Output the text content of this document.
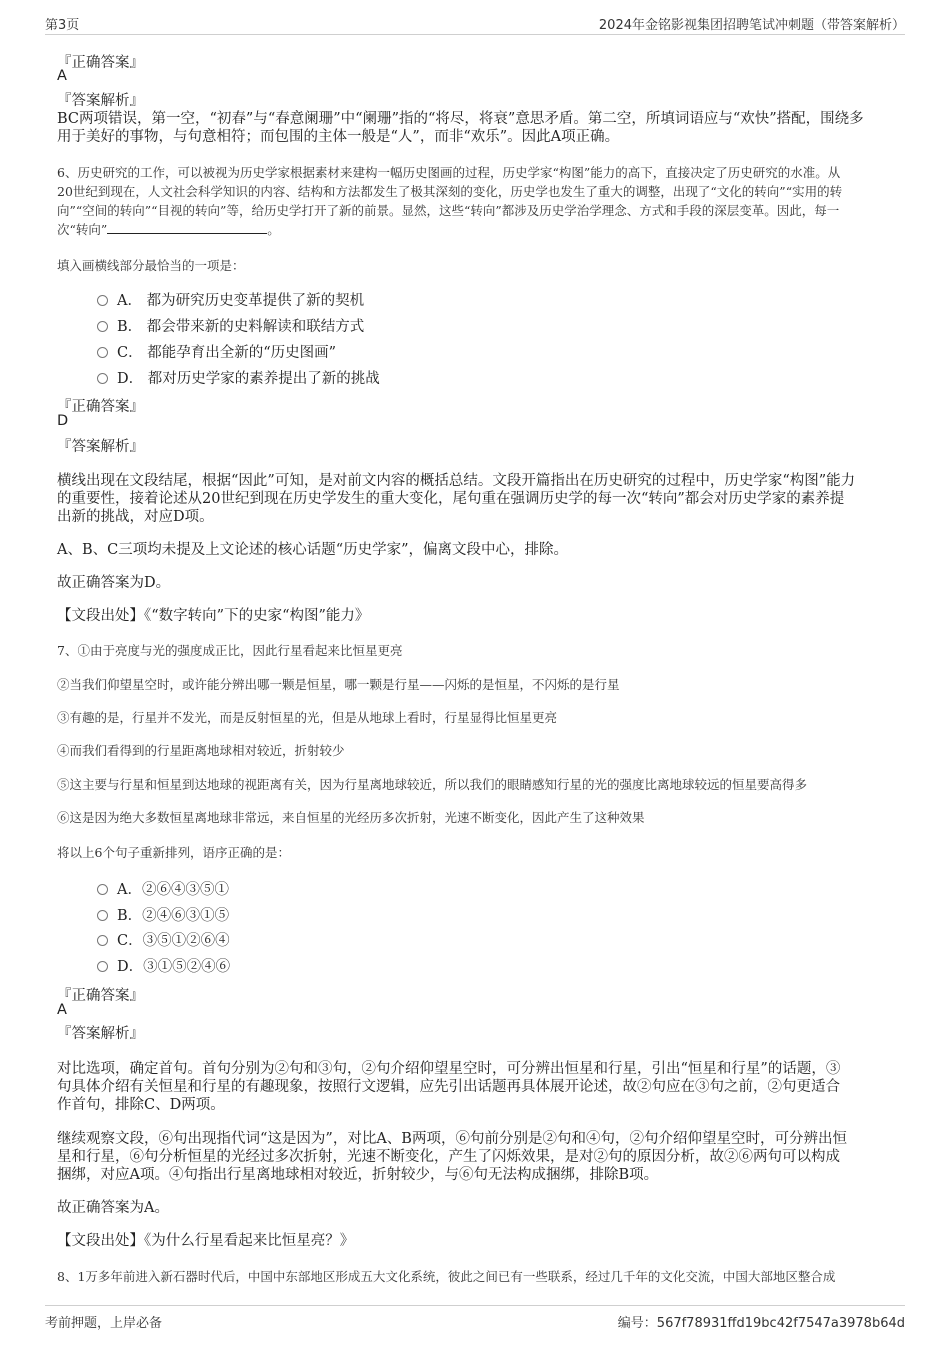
第3页	2024年金铭影视集团招聘笔试冲刺题（带答案解析）
『正确答案』
A
『答案解析』
BC两项错误，第一空，“初春”与“春意阑珊”中“阑珊”指的“将尽，将衰”意思矛盾。第二空，所填词语应与“欢快”搭配，围绕多
用于美好的事物，与句意相符；而包围的主体一般是“人”，而非“欢乐”。因此A项正确。
6、历史研究的工作，可以被视为历史学家根据素材来建构一幅历史图画的过程，历史学家“构图”能力的高下，直接决定了历史研究的水准。从
20世纪到现在，人文社会科学知识的内容、结构和方法都发生了极其深刻的变化，历史学也发生了重大的调整，出现了“文化的转向”“实用的转
向”“空间的转向”“目视的转向”等，给历史学打开了新的前景。显然，这些“转向”都涉及历史学治学理念、方式和手段的深层变革。因此，每一
次“转向”	。
填入画横线部分最恰当的一项是：
A． 都为研究历史变革提供了新的契机
B． 都会带来新的史料解读和联结方式
C． 都能孕育出全新的“历史图画”
D． 都对历史学家的素养提出了新的挑战
『正确答案』
D
『答案解析』
横线出现在文段结尾，根据“因此”可知，是对前文内容的概括总结。文段开篇指出在历史研究的过程中，历史学家“构图”能力
的重要性，接着论述从20世纪到现在历史学发生的重大变化，尾句重在强调历史学的每一次“转向”都会对历史学家的素养提
出新的挑战，对应D项。
A、B、C三项均未提及上文论述的核心话题“历史学家”，偏离文段中心，排除。
故正确答案为D。
【文段出处】《“数字转向”下的史家“构图”能力》
7、①由于亮度与光的强度成正比，因此行星看起来比恒星更亮
②当我们仰望星空时，或许能分辨出哪一颗是恒星，哪一颗是行星——闪烁的是恒星，不闪烁的是行星
③有趣的是，行星并不发光，而是反射恒星的光，但是从地球上看时，行星显得比恒星更亮
④而我们看得到的行星距离地球相对较近，折射较少
⑤这主要与行星和恒星到达地球的视距离有关，因为行星离地球较近，所以我们的眼睛感知行星的光的强度比离地球较远的恒星要高得多
⑥这是因为绝大多数恒星离地球非常远，来自恒星的光经历多次折射，光速不断变化，因此产生了这种效果
将以上6个句子重新排列，语序正确的是：
A．②⑥④③⑤①
B．②④⑥③①⑤
C．③⑤①②⑥④
D．③①⑤②④⑥
『正确答案』
A
『答案解析』
对比选项，确定首句。首句分别为②句和③句，②句介绍仰望星空时，可分辨出恒星和行星，引出“恒星和行星”的话题，③
句具体介绍有关恒星和行星的有趣现象，按照行文逻辑，应先引出话题再具体展开论述，故②句应在③句之前，②句更适合
作首句，排除C、D两项。
继续观察文段，⑥句出现指代词“这是因为”，对比A、B两项，⑥句前分别是②句和④句，②句介绍仰望星空时，可分辨出恒
星和行星，⑥句分析恒星的光经过多次折射，光速不断变化，产生了闪烁效果，是对②句的原因分析，故②⑥两句可以构成
捆绑，对应A项。④句指出行星离地球相对较近，折射较少，与⑥句无法构成捆绑，排除B项。
故正确答案为A。
【文段出处】《为什么行星看起来比恒星亮？》
8、1万多年前进入新石器时代后，中国中东部地区形成五大文化系统，彼此之间已有一些联系，经过几千年的文化交流，中国大部地区整合成
考前押题，上岸必备	编号：567f78931ffd19bc42f7547a3978b64d
